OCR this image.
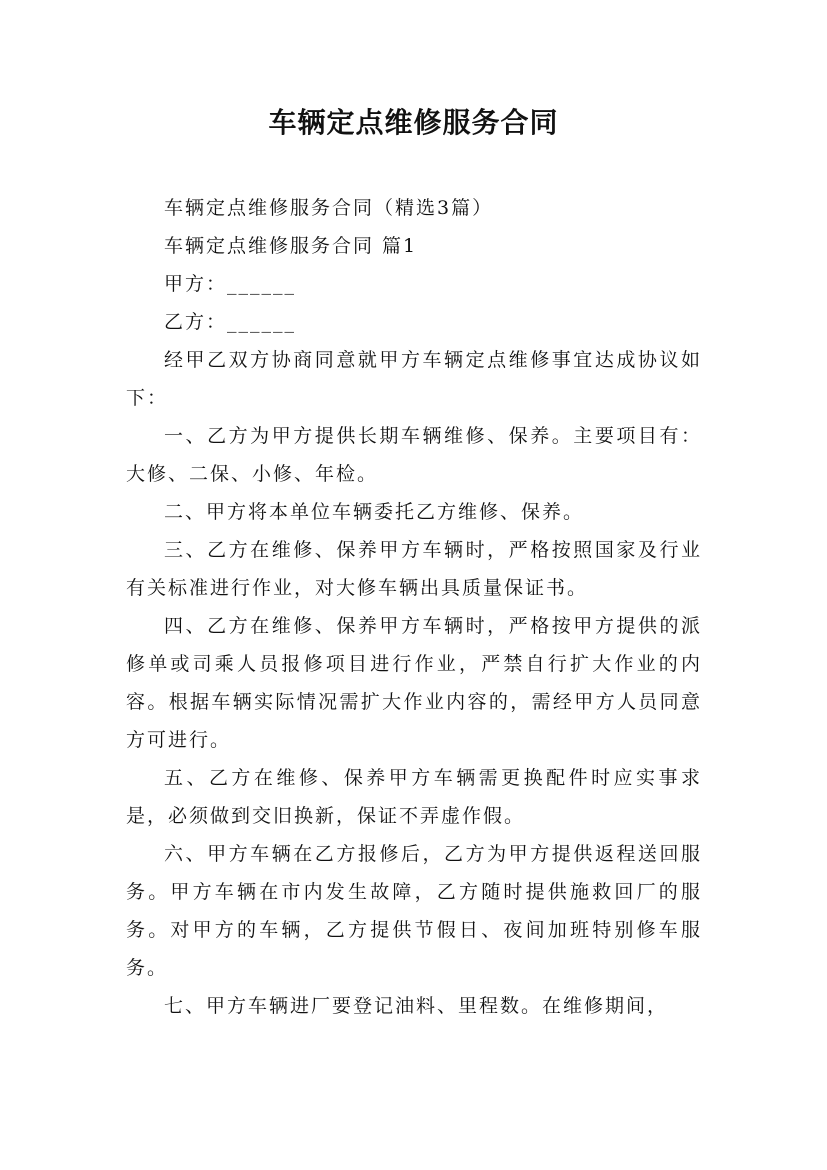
车辆定点维修服务合同

车辆定点维修服务合同（精选3篇）

车辆定点维修服务合同 篇1

甲方：______

乙方：______

经甲乙双方协商同意就甲方车辆定点维修事宜达成协议如下：

一、乙方为甲方提供长期车辆维修、保养。主要项目有：大修、二保、小修、年检。

二、甲方将本单位车辆委托乙方维修、保养。

三、乙方在维修、保养甲方车辆时，严格按照国家及行业有关标准进行作业，对大修车辆出具质量保证书。

四、乙方在维修、保养甲方车辆时，严格按甲方提供的派修单或司乘人员报修项目进行作业，严禁自行扩大作业的内容。根据车辆实际情况需扩大作业内容的，需经甲方人员同意方可进行。

五、乙方在维修、保养甲方车辆需更换配件时应实事求是，必须做到交旧换新，保证不弄虚作假。

六、甲方车辆在乙方报修后，乙方为甲方提供返程送回服务。甲方车辆在市内发生故障，乙方随时提供施救回厂的服务。对甲方的车辆，乙方提供节假日、夜间加班特别修车服务。

七、甲方车辆进厂要登记油料、里程数。在维修期间，
